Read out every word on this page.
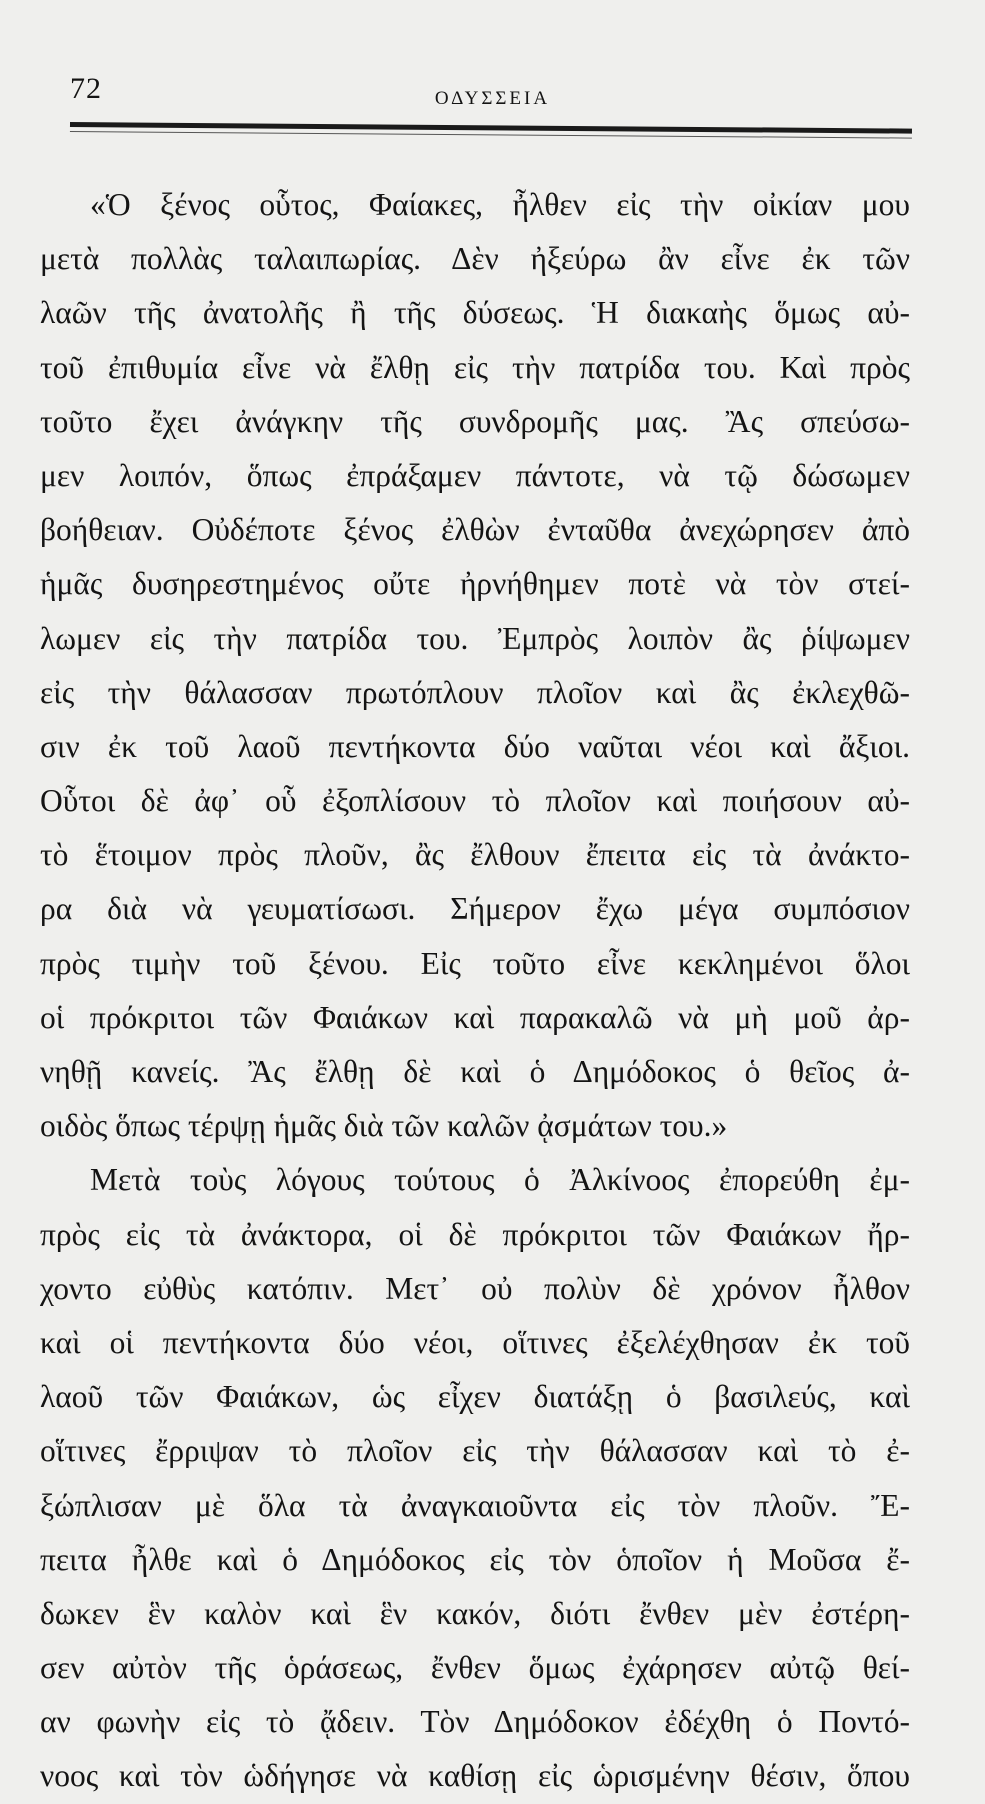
72	ΟΔΥΣΣΕΙΑ
«Ὁ ξένος οὗτος, Φαίακες, ἦλθεν εἰς τὴν οἰκίαν μου
μετὰ πολλὰς ταλαιπωρίας. Δὲν ἠξεύρω ἂν εἶνε ἐκ τῶν
λαῶν τῆς ἀνατολῆς ἢ τῆς δύσεως. Ἡ διακαὴς ὅμως αὐ-
τοῦ ἐπιθυμία εἶνε νὰ ἔλθῃ εἰς τὴν πατρίδα του. Καὶ πρὸς
τοῦτο ἔχει ἀνάγκην τῆς συνδρομῆς μας. Ἂς σπεύσω-
μεν λοιπόν, ὅπως ἐπράξαμεν πάντοτε, νὰ τῷ δώσωμεν
βοήθειαν. Οὐδέποτε ξένος ἐλθὼν ἐνταῦθα ἀνεχώρησεν ἀπὸ
ἡμᾶς δυσηρεστημένος οὔτε ἠρνήθημεν ποτὲ νὰ τὸν στεί-
λωμεν εἰς τὴν πατρίδα του. Ἐμπρὸς λοιπὸν ἂς ῥίψωμεν
εἰς τὴν θάλασσαν πρωτόπλουν πλοῖον καὶ ἂς ἐκλεχθῶ-
σιν ἐκ τοῦ λαοῦ πεντήκοντα δύο ναῦται νέοι καὶ ἄξιοι.
Οὗτοι δὲ ἀφ᾽ οὗ ἐξοπλίσουν τὸ πλοῖον καὶ ποιήσουν αὐ-
τὸ ἕτοιμον πρὸς πλοῦν, ἂς ἔλθουν ἔπειτα εἰς τὰ ἀνάκτο-
ρα διὰ νὰ γευματίσωσι. Σήμερον ἔχω μέγα συμπόσιον
πρὸς τιμὴν τοῦ ξένου. Εἰς τοῦτο εἶνε κεκλημένοι ὅλοι
οἱ πρόκριτοι τῶν Φαιάκων καὶ παρακαλῶ νὰ μὴ μοῦ ἀρ-
νηθῇ κανείς. Ἂς ἔλθῃ δὲ καὶ ὁ Δημόδοκος ὁ θεῖος ἀ-
οιδὸς ὅπως τέρψῃ ἡμᾶς διὰ τῶν καλῶν ᾀσμάτων του.»
Μετὰ τοὺς λόγους τούτους ὁ Ἀλκίνοος ἐπορεύθη ἐμ-
πρὸς εἰς τὰ ἀνάκτορα, οἱ δὲ πρόκριτοι τῶν Φαιάκων ἤρ-
χοντο εὐθὺς κατόπιν. Μετ᾽ οὐ πολὺν δὲ χρόνον ἦλθον
καὶ οἱ πεντήκοντα δύο νέοι, οἵτινες ἐξελέχθησαν ἐκ τοῦ
λαοῦ τῶν Φαιάκων, ὡς εἶχεν διατάξῃ ὁ βασιλεύς, καὶ
οἵτινες ἔρριψαν τὸ πλοῖον εἰς τὴν θάλασσαν καὶ τὸ ἐ-
ξώπλισαν μὲ ὅλα τὰ ἀναγκαιοῦντα εἰς τὸν πλοῦν. Ἔ-
πειτα ἦλθε καὶ ὁ Δημόδοκος εἰς τὸν ὁποῖον ἡ Μοῦσα ἔ-
δωκεν ἓν καλὸν καὶ ἓν κακόν, διότι ἔνθεν μὲν ἐστέρη-
σεν αὐτὸν τῆς ὁράσεως, ἔνθεν ὅμως ἐχάρησεν αὐτῷ θεί-
αν φωνὴν εἰς τὸ ᾄδειν. Τὸν Δημόδοκον ἐδέχθη ὁ Ποντό-
νοος καὶ τὸν ὡδήγησε νὰ καθίσῃ εἰς ὡρισμένην θέσιν, ὅπου
